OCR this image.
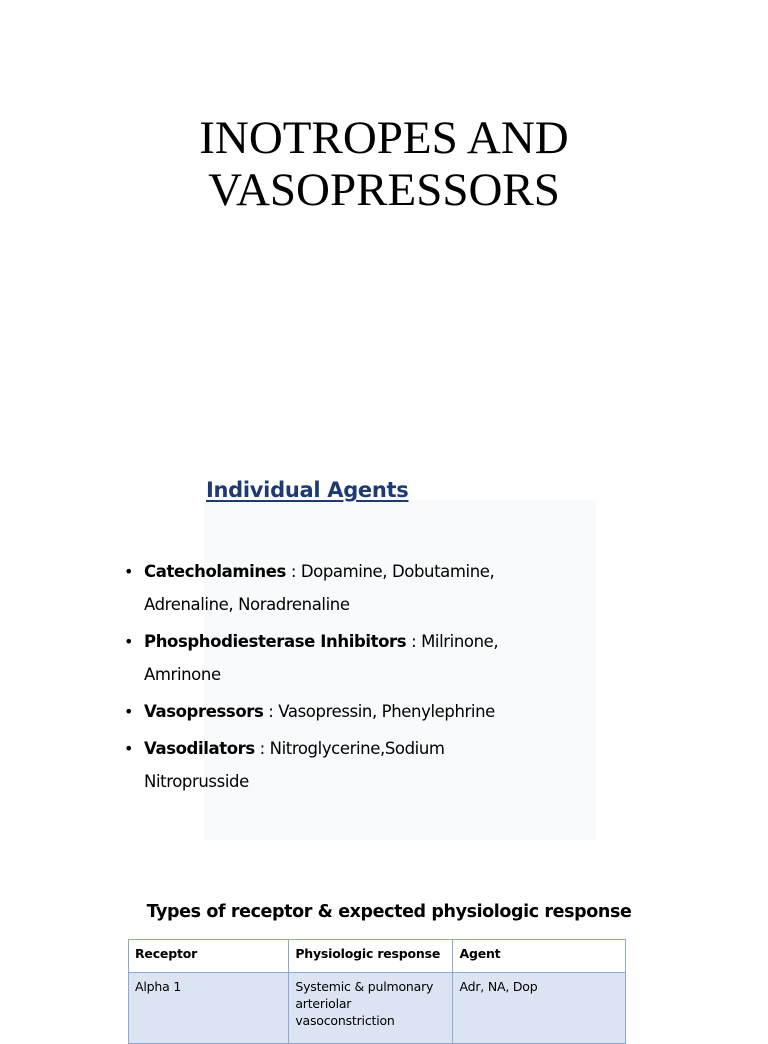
INOTROPES AND
VASOPRESSORS
Individual Agents
• Catecholamines : Dopamine, Dobutamine,
Adrenaline, Noradrenaline
• Phosphodiesterase Inhibitors : Milrinone,
Amrinone
• Vasopressors : Vasopressin, Phenylephrine
• Vasodilators : Nitroglycerine,Sodium
Nitroprusside
Types of receptor & expected physiologic response
Receptor	Physiologic response	Agent
Alpha 1	Systemic & pulmonary arteriolar vasoconstriction	Adr, NA, Dop
